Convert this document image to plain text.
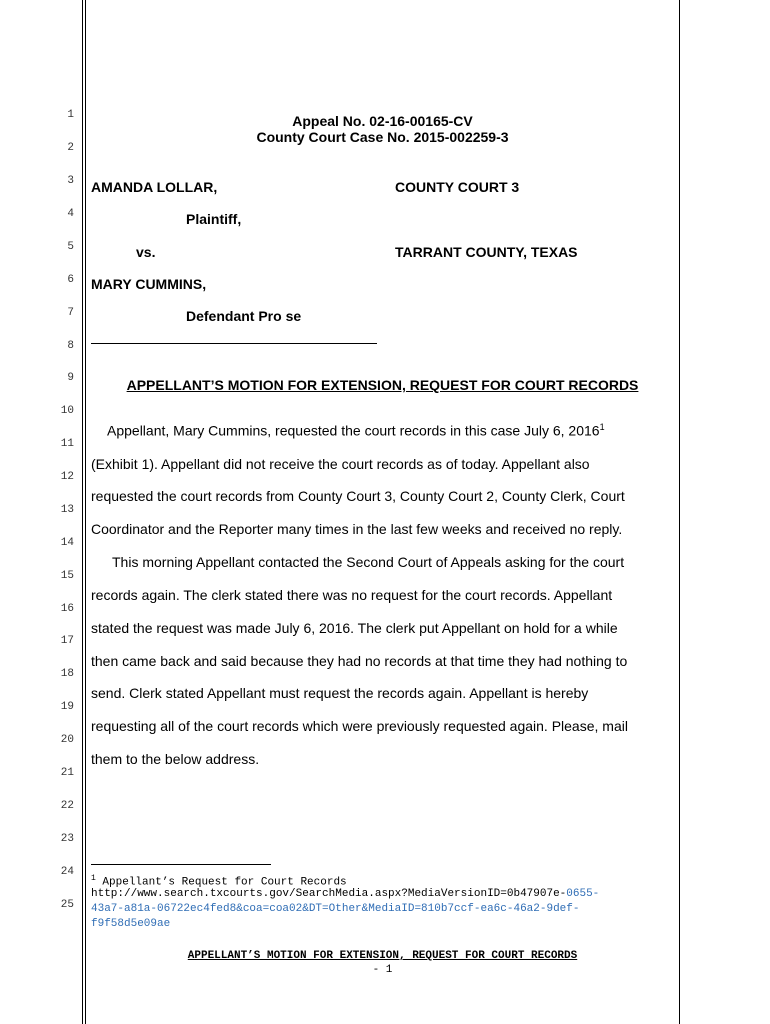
1
2
3
4
5
6
7
8
9
10
11
12
13
14
15
16
17
18
19
20
21
22
23
24
25
Appeal No. 02-16-00165-CV
County Court Case No. 2015-002259-3
AMANDA LOLLAR,	COUNTY COURT 3
Plaintiff,
vs.	TARRANT COUNTY, TEXAS
MARY CUMMINS,
Defendant Pro se
APPELLANT’S MOTION FOR EXTENSION, REQUEST FOR COURT RECORDS
Appellant, Mary Cummins, requested the court records in this case July 6, 2016$^1$
(Exhibit 1). Appellant did not receive the court records as of today. Appellant also
requested the court records from County Court 3, County Court 2, County Clerk, Court
Coordinator and the Reporter many times in the last few weeks and received no reply.
This morning Appellant contacted the Second Court of Appeals asking for the court
records again. The clerk stated there was no request for the court records. Appellant
stated the request was made July 6, 2016. The clerk put Appellant on hold for a while
then came back and said because they had no records at that time they had nothing to
send. Clerk stated Appellant must request the records again. Appellant is hereby
requesting all of the court records which were previously requested again. Please, mail
them to the below address.
$^1$ Appellant’s Request for Court Records
http://www.search.txcourts.gov/SearchMedia.aspx?MediaVersionID=0b47907e-0655-
43a7-a81a-06722ec4fed8&coa=coa02&DT=Other&MediaID=810b7ccf-ea6c-46a2-9def-
f9f58d5e09ae
APPELLANT’S MOTION FOR EXTENSION, REQUEST FOR COURT RECORDS
- 1
